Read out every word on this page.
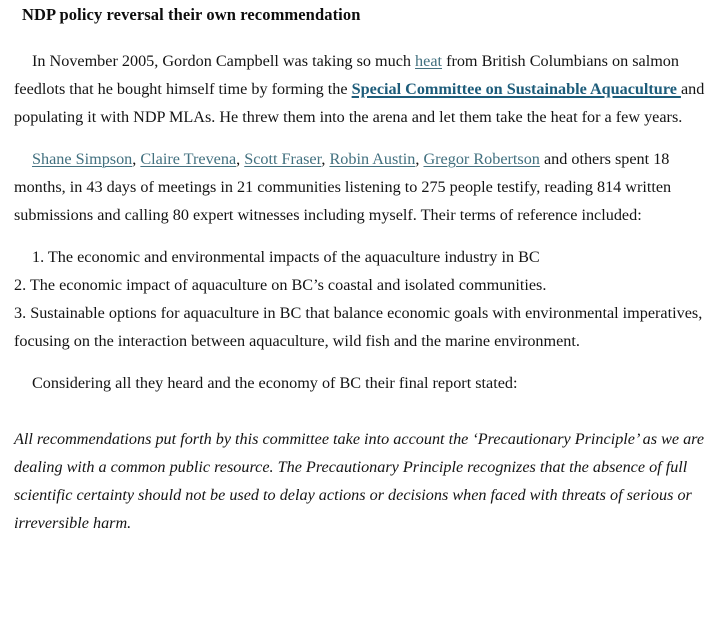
NDP policy reversal their own recommendation

In November 2005, Gordon Campbell was taking so much heat from British Columbians on salmon feedlots that he bought himself time by forming the Special Committee on Sustainable Aquaculture and populating it with NDP MLAs. He threw them into the arena and let them take the heat for a few years.

Shane Simpson, Claire Trevena, Scott Fraser, Robin Austin, Gregor Robertson and others spent 18 months, in 43 days of meetings in 21 communities listening to 275 people testify, reading 814 written submissions and calling 80 expert witnesses including myself. Their terms of reference included:

1. The economic and environmental impacts of the aquaculture industry in BC

2. The economic impact of aquaculture on BC’s coastal and isolated communities.

3. Sustainable options for aquaculture in BC that balance economic goals with environmental imperatives, focusing on the interaction between aquaculture, wild fish and the marine environment.

Considering all they heard and the economy of BC their final report stated:

All recommendations put forth by this committee take into account the ‘Precautionary Principle’ as we are dealing with a common public resource. The Precautionary Principle recognizes that the absence of full scientific certainty should not be used to delay actions or decisions when faced with threats of serious or irreversible harm.
